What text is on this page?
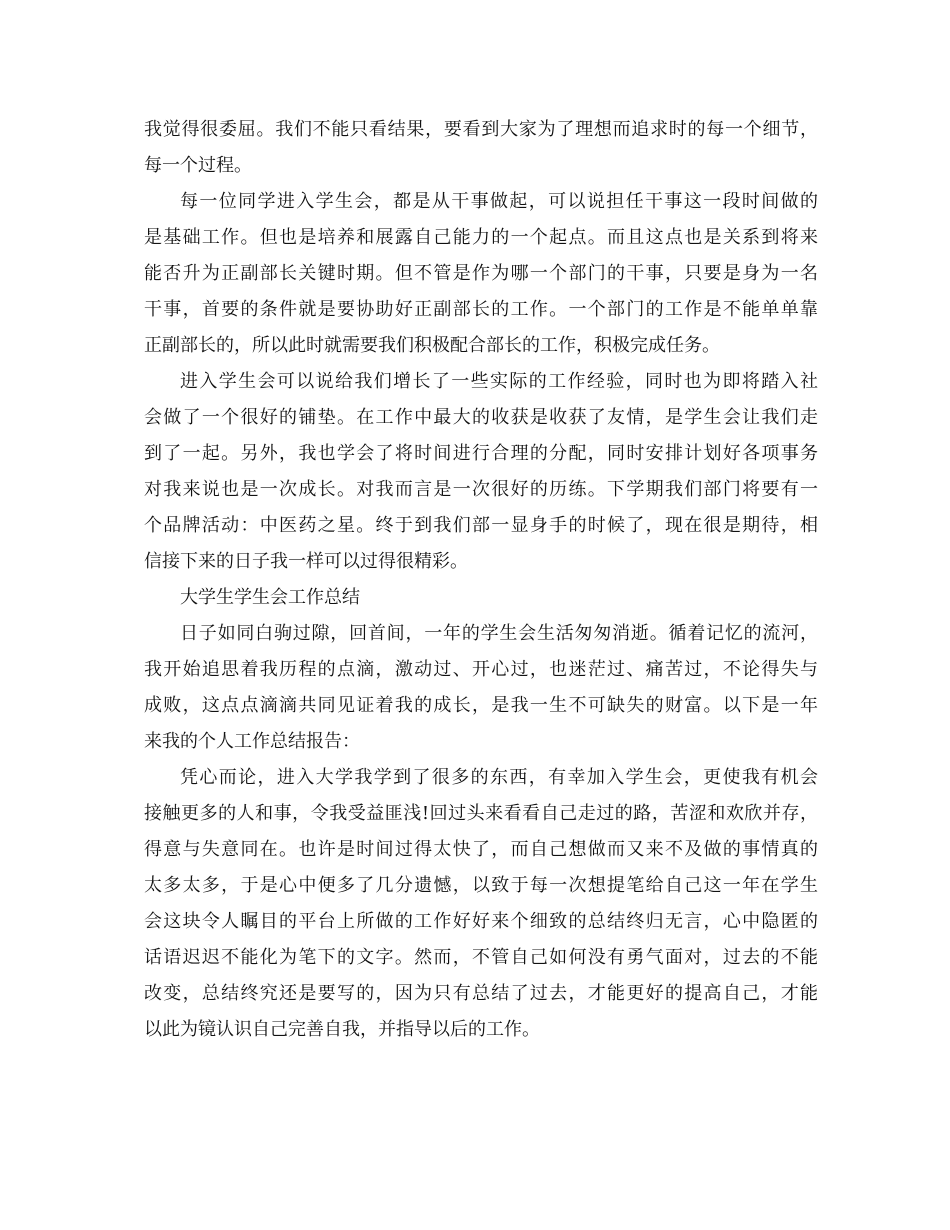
我觉得很委屈。我们不能只看结果，要看到大家为了理想而追求时的每一个细节，
每一个过程。
每一位同学进入学生会，都是从干事做起，可以说担任干事这一段时间做的
是基础工作。但也是培养和展露自己能力的一个起点。而且这点也是关系到将来
能否升为正副部长关键时期。但不管是作为哪一个部门的干事，只要是身为一名
干事，首要的条件就是要协助好正副部长的工作。一个部门的工作是不能单单靠
正副部长的，所以此时就需要我们积极配合部长的工作，积极完成任务。
进入学生会可以说给我们增长了一些实际的工作经验，同时也为即将踏入社
会做了一个很好的铺垫。在工作中最大的收获是收获了友情，是学生会让我们走
到了一起。另外，我也学会了将时间进行合理的分配，同时安排计划好各项事务
对我来说也是一次成长。对我而言是一次很好的历练。下学期我们部门将要有一
个品牌活动：中医药之星。终于到我们部一显身手的时候了，现在很是期待，相
信接下来的日子我一样可以过得很精彩。
大学生学生会工作总结
日子如同白驹过隙，回首间，一年的学生会生活匆匆消逝。循着记忆的流河，
我开始追思着我历程的点滴，激动过、开心过，也迷茫过、痛苦过，不论得失与
成败，这点点滴滴共同见证着我的成长，是我一生不可缺失的财富。以下是一年
来我的个人工作总结报告：
凭心而论，进入大学我学到了很多的东西，有幸加入学生会，更使我有机会
接触更多的人和事，令我受益匪浅!回过头来看看自己走过的路，苦涩和欢欣并存，
得意与失意同在。也许是时间过得太快了，而自己想做而又来不及做的事情真的
太多太多，于是心中便多了几分遗憾，以致于每一次想提笔给自己这一年在学生
会这块令人瞩目的平台上所做的工作好好来个细致的总结终归无言，心中隐匿的
话语迟迟不能化为笔下的文字。然而，不管自己如何没有勇气面对，过去的不能
改变，总结终究还是要写的，因为只有总结了过去，才能更好的提高自己，才能
以此为镜认识自己完善自我，并指导以后的工作。
